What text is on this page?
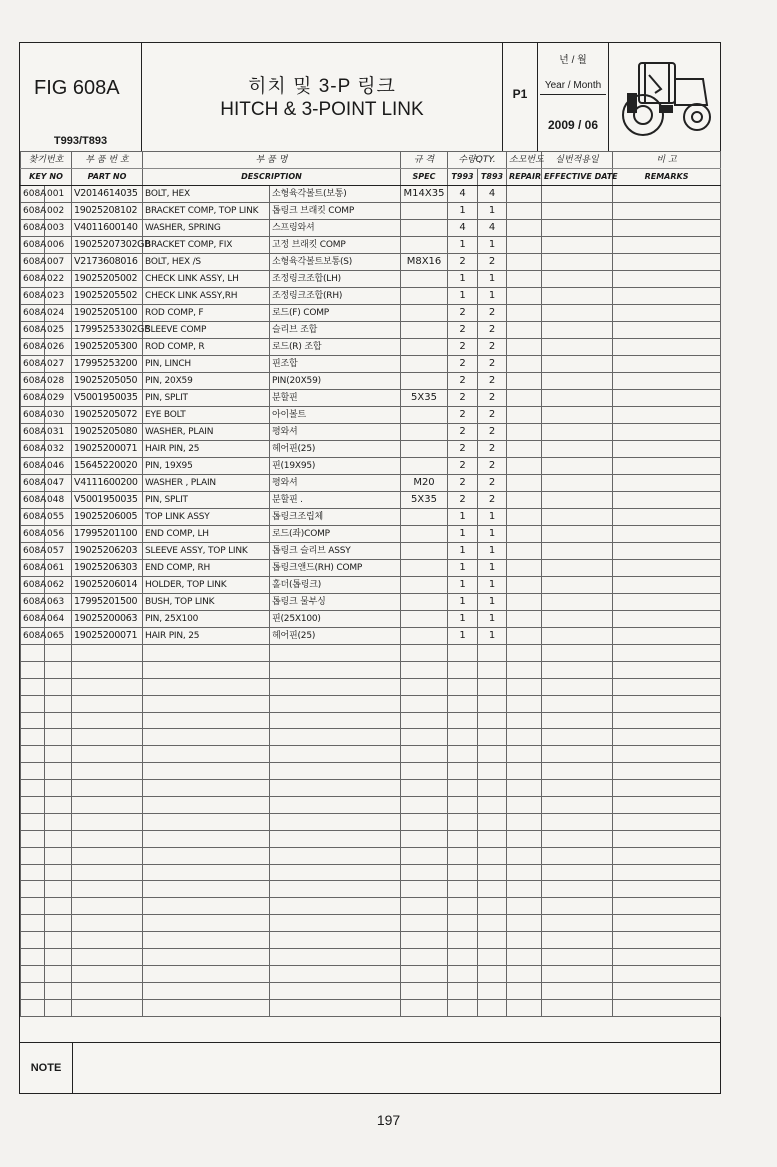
FIG 608A
T993/T893
히치 및 3-P 링크
HITCH & 3-POINT LINK
P1
년 / 월
Year / Month
2009 / 06
찾기번호		부 품 번 호	부 품 명		규 격	수량QTY.		소모번도	실번적용일	비 고
KEY NO		PART NO	DESCRIPTION		SPEC	T993	T893	REPAIR	EFFECTIVE DATE	REMARKS
608A	001	V2014614035	BOLT, HEX	소형육각볼트(보통)	M14X35	4	4			
608A	002	19025208102	BRACKET COMP, TOP LINK	톱링크 브래킷 COMP		1	1			
608A	003	V4011600140	WASHER, SPRING	스프링와셔		4	4			
608A	006	19025207302GB	BRACKET COMP, FIX	고정 브래킷 COMP		1	1			
608A	007	V2173608016	BOLT, HEX /S	소형육각볼트보통(S)	M8X16	2	2			
608A	022	19025205002	CHECK LINK ASSY, LH	조정링크조합(LH)		1	1			
608A	023	19025205502	CHECK LINK ASSY,RH	조정링크조합(RH)		1	1			
608A	024	19025205100	ROD COMP, F	로드(F) COMP		2	2			
608A	025	17995253302GB	SLEEVE COMP	슬리브 조합		2	2			
608A	026	19025205300	ROD COMP, R	로드(R) 조합		2	2			
608A	027	17995253200	PIN, LINCH	핀조합		2	2			
608A	028	19025205050	PIN, 20X59	PIN(20X59)		2	2			
608A	029	V5001950035	PIN, SPLIT	분할핀	5X35	2	2			
608A	030	19025205072	EYE BOLT	아이볼트		2	2			
608A	031	19025205080	WASHER, PLAIN	평와셔		2	2			
608A	032	19025200071	HAIR PIN, 25	헤어핀(25)		2	2			
608A	046	15645220020	PIN, 19X95	핀(19X95)		2	2			
608A	047	V4111600200	WASHER , PLAIN	평와셔	M20	2	2			
608A	048	V5001950035	PIN, SPLIT	분할핀 .	5X35	2	2			
608A	055	19025206005	TOP LINK ASSY	톱링크조립체		1	1			
608A	056	17995201100	END COMP, LH	로드(좌)COMP		1	1			
608A	057	19025206203	SLEEVE ASSY, TOP LINK	톱링크 슬리브 ASSY		1	1			
608A	061	19025206303	END COMP, RH	톱링크앤드(RH) COMP		1	1			
608A	062	19025206014	HOLDER, TOP LINK	홀더(톱링크)		1	1			
608A	063	17995201500	BUSH, TOP LINK	톱링크 물부싱		1	1			
608A	064	19025200063	PIN, 25X100	핀(25X100)		1	1			
608A	065	19025200071	HAIR PIN, 25	헤어핀(25)		1	1			

NOTE
197
